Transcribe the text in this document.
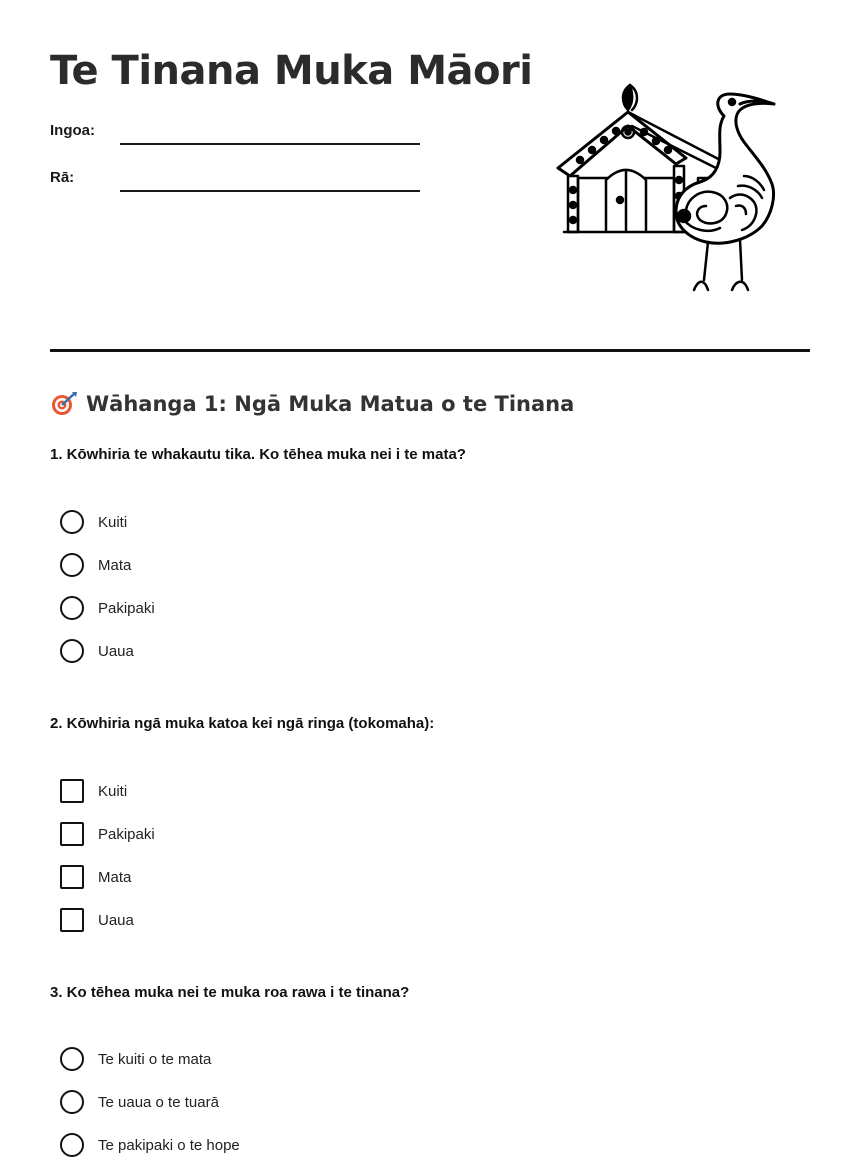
Te Tinana Muka Māori
Ingoa:
Rā:
Wāhanga 1: Ngā Muka Matua o te Tinana
1. Kōwhiria te whakautu tika. Ko tēhea muka nei i te mata?
Kuiti
Mata
Pakipaki
Uaua
2. Kōwhiria ngā muka katoa kei ngā ringa (tokomaha):
Kuiti
Pakipaki
Mata
Uaua
3. Ko tēhea muka nei te muka roa rawa i te tinana?
Te kuiti o te mata
Te uaua o te tuarā
Te pakipaki o te hope
